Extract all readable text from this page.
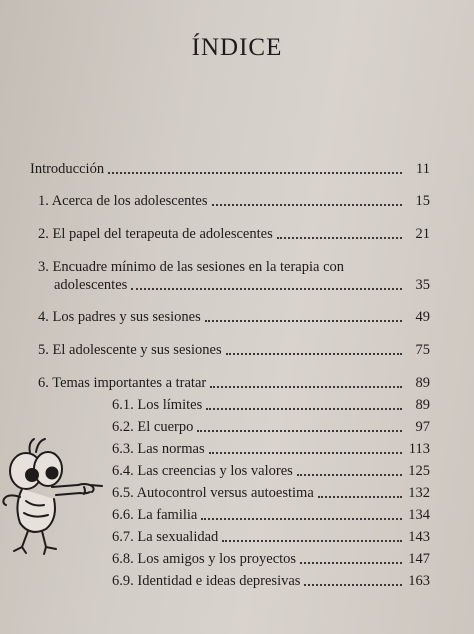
ÍNDICE
Introducción	11
1. Acerca de los adolescentes	15
2. El papel del terapeuta de adolescentes	21
3. Encuadre mínimo de las sesiones en la terapia con
adolescentes	35
4. Los padres y sus sesiones	49
5. El adolescente y sus sesiones	75
6. Temas importantes a tratar	89
6.1. Los límites	89
6.2. El cuerpo	97
6.3. Las normas	113
6.4. Las creencias y los valores	125
6.5. Autocontrol versus autoestima	132
6.6. La familia	134
6.7. La sexualidad	143
6.8. Los amigos y los proyectos	147
6.9. Identidad e ideas depresivas	163
